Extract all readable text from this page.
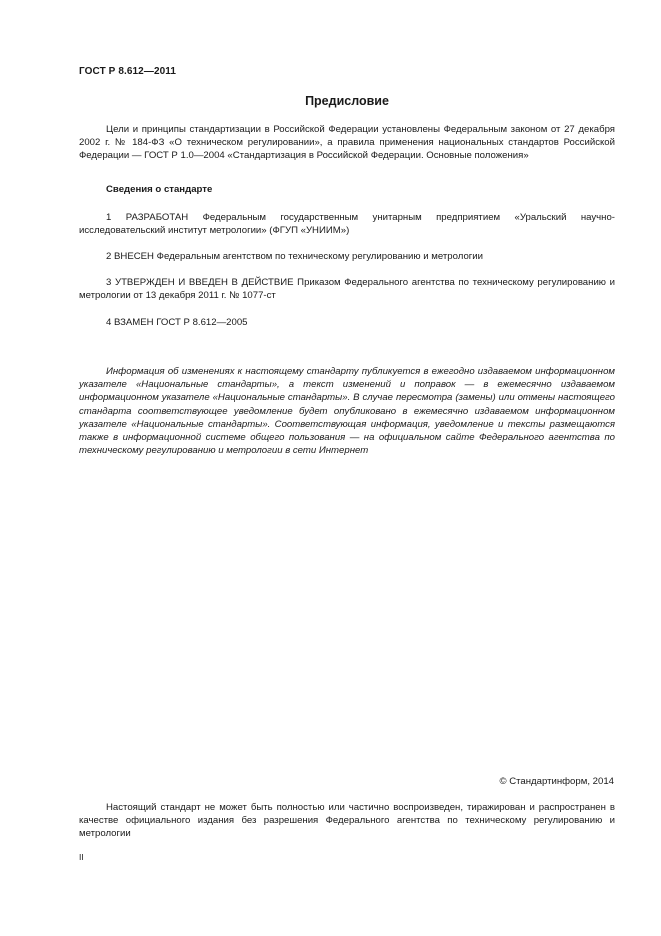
ГОСТ Р 8.612—2011
Предисловие

Цели и принципы стандартизации в Российской Федерации установлены Федеральным законом от 27 декабря 2002 г. № 184-ФЗ «О техническом регулировании», а правила применения национальных стандартов Российской Федерации — ГОСТ Р 1.0—2004 «Стандартизация в Российской Федерации. Основные положения»

Сведения о стандарте

1 РАЗРАБОТАН Федеральным государственным унитарным предприятием «Уральский научно-исследовательский институт метрологии» (ФГУП «УНИИМ»)

2 ВНЕСЕН Федеральным агентством по техническому регулированию и метрологии

3 УТВЕРЖДЕН И ВВЕДЕН В ДЕЙСТВИЕ Приказом Федерального агентства по техническому регулированию и метрологии от 13 декабря 2011 г. № 1077-ст

4 ВЗАМЕН ГОСТ Р 8.612—2005

Информация об изменениях к настоящему стандарту публикуется в ежегодно издаваемом информационном указателе «Национальные стандарты», а текст изменений и поправок — в ежемесячно издаваемом информационном указателе «Национальные стандарты». В случае пересмотра (замены) или отмены настоящего стандарта соответствующее уведомление будет опубликовано в ежемесячно издаваемом информационном указателе «Национальные стандарты». Соответствующая информация, уведомление и тексты размещаются также в информационной системе общего пользования — на официальном сайте Федерального агентства по техническому регулированию и метрологии в сети Интернет

© Стандартинформ, 2014

Настоящий стандарт не может быть полностью или частично воспроизведен, тиражирован и распространен в качестве официального издания без разрешения Федерального агентства по техническому регулированию и метрологии

II
